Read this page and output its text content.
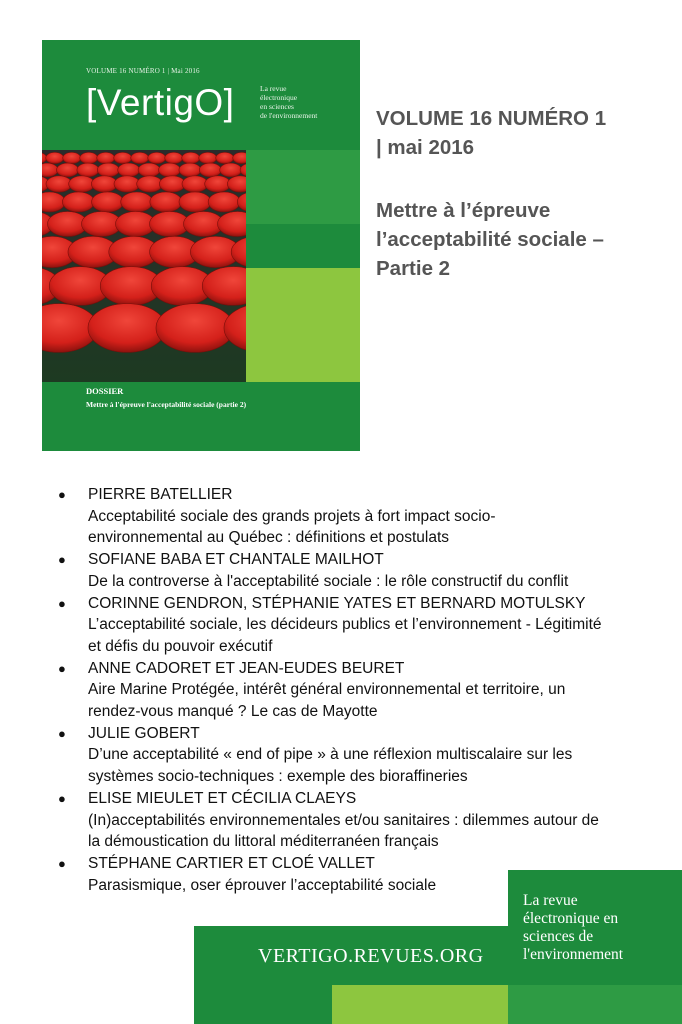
VOLUME 16 NUMÉRO 1 | Mai 2016
[VertigO]	La revue
électronique
en sciences
de l'environnement
DOSSIER
Mettre à l'épreuve l'acceptabilité sociale (partie 2)
VOLUME 16 NUMÉRO 1
| mai 2016
Mettre à l’épreuve
l’acceptabilité sociale –
Partie 2
● PIERRE BATELLIER
Acceptabilité sociale des grands projets à fort impact socio-
environnemental au Québec : définitions et postulats
● SOFIANE BABA ET CHANTALE MAILHOT
De la controverse à l'acceptabilité sociale : le rôle constructif du conflit
● CORINNE GENDRON, STÉPHANIE YATES ET BERNARD MOTULSKY
L’acceptabilité sociale, les décideurs publics et l’environnement - Légitimité
et défis du pouvoir exécutif
● ANNE CADORET ET JEAN-EUDES BEURET
Aire Marine Protégée, intérêt général environnemental et territoire, un
rendez-vous manqué ? Le cas de Mayotte
● JULIE GOBERT
D’une acceptabilité « end of pipe » à une réflexion multiscalaire sur les
systèmes socio-techniques : exemple des bioraffineries
● ELISE MIEULET ET CÉCILIA CLAEYS
(In)acceptabilités environnementales et/ou sanitaires : dilemmes autour de
la démoustication du littoral méditerranéen français
● STÉPHANE CARTIER ET CLOÉ VALLET
Parasismique, oser éprouver l’acceptabilité sociale
VERTIGO.REVUES.ORG
La revue
électronique en
sciences de
l'environnement
